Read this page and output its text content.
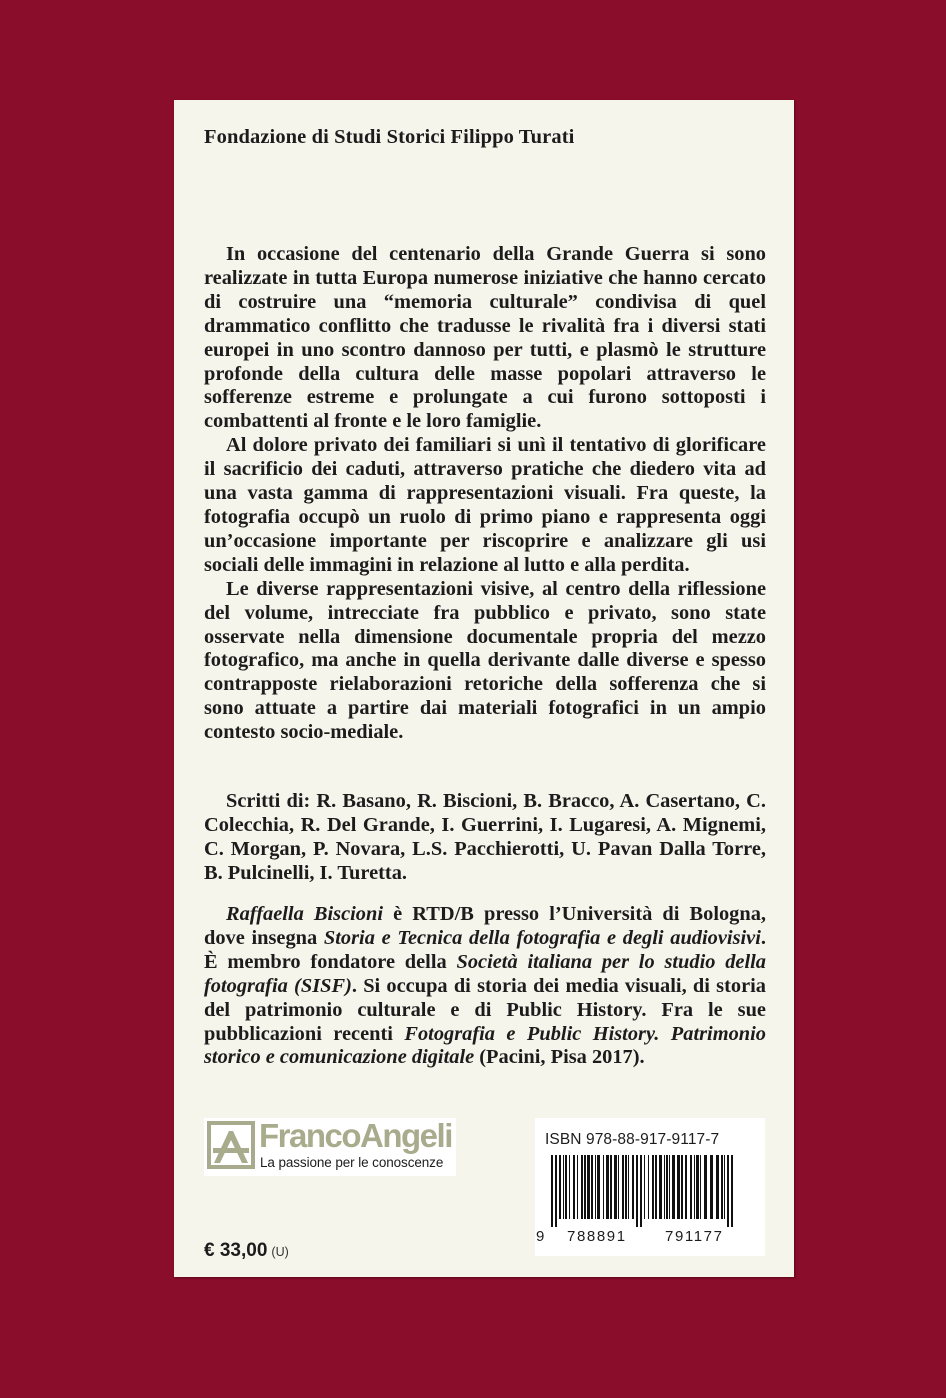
Fondazione di Studi Storici Filippo Turati

In occasione del centenario della Grande Guerra si sono realizzate in tutta Europa numerose iniziative che hanno cercato di costruire una “memoria culturale” condivisa di quel drammatico conflitto che tradusse le rivalità fra i diversi stati europei in uno scontro dannoso per tutti, e plasmò le strutture profonde della cultura delle masse popolari attraverso le sofferenze estreme e prolungate a cui furono sottoposti i combattenti al fronte e le loro famiglie.

Al dolore privato dei familiari si unì il tentativo di glorificare il sacrificio dei caduti, attraverso pratiche che diedero vita ad una vasta gamma di rappresentazioni visuali. Fra queste, la fotografia occupò un ruolo di primo piano e rappresenta oggi un’occasione importante per riscoprire e analizzare gli usi sociali delle immagini in relazione al lutto e alla perdita.

Le diverse rappresentazioni visive, al centro della riflessione del volume, intrecciate fra pubblico e privato, sono state osservate nella dimensione documentale propria del mezzo fotografico, ma anche in quella derivante dalle diverse e spesso contrapposte rielaborazioni retoriche della sofferenza che si sono attuate a partire dai materiali fotografici in un ampio contesto socio-mediale.

Scritti di: R. Basano, R. Biscioni, B. Bracco, A. Casertano, C. Colecchia, R. Del Grande, I. Guerrini, I. Lugaresi, A. Mignemi, C. Morgan, P. Novara, L.S. Pacchierotti, U. Pavan Dalla Torre, B. Pulcinelli, I. Turetta.

Raffaella Biscioni è RTD/B presso l’Università di Bologna, dove insegna Storia e Tecnica della fotografia e degli audiovisivi. È membro fondatore della Società italiana per lo studio della fotografia (SISF). Si occupa di storia dei media visuali, di storia del patrimonio culturale e di Public History. Fra le sue pubblicazioni recenti Fotografia e Public History. Patrimonio storico e comunicazione digitale (Pacini, Pisa 2017).

FrancoAngeli
La passione per le conoscenze
ISBN 978-88-917-9117-7
9 788891	791177
€ 33,00 (U)
